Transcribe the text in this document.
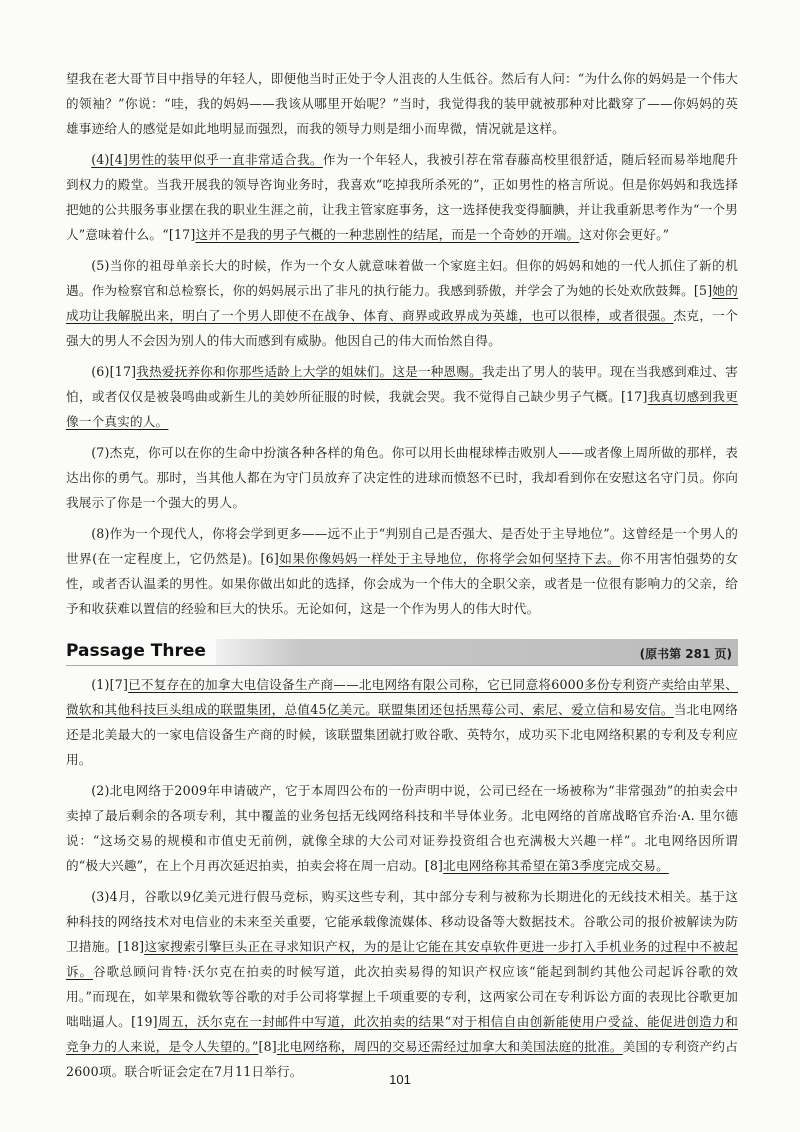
望我在老大哥节目中指导的年轻人，即便他当时正处于令人沮丧的人生低谷。然后有人问：“为什么你的妈妈是一个伟大的领袖？”你说：“哇，我的妈妈——我该从哪里开始呢？”当时，我觉得我的装甲就被那种对比戳穿了——你妈妈的英雄事迹给人的感觉是如此地明显而强烈，而我的领导力则是细小而卑微，情况就是这样。

(4)[4]男性的装甲似乎一直非常适合我。作为一个年轻人，我被引荐在常春藤高校里很舒适，随后轻而易举地爬升到权力的殿堂。当我开展我的领导咨询业务时，我喜欢“吃掉我所杀死的”，正如男性的格言所说。但是你妈妈和我选择把她的公共服务事业摆在我的职业生涯之前，让我主管家庭事务，这一选择使我变得腼腆，并让我重新思考作为“一个男人”意味着什么。“[17]这并不是我的男子气概的一种悲剧性的结尾，而是一个奇妙的开端。这对你会更好。”

(5)当你的祖母单亲长大的时候，作为一个女人就意味着做一个家庭主妇。但你的妈妈和她的一代人抓住了新的机遇。作为检察官和总检察长，你的妈妈展示出了非凡的执行能力。我感到骄傲，并学会了为她的长处欢欣鼓舞。[5]她的成功让我解脱出来，明白了一个男人即使不在战争、体育、商界或政界成为英雄，也可以很棒，或者很强。杰克，一个强大的男人不会因为别人的伟大而感到有威胁。他因自己的伟大而怡然自得。

(6)[17]我热爱抚养你和你那些适龄上大学的姐妹们。这是一种恩赐。我走出了男人的装甲。现在当我感到难过、害怕，或者仅仅是被袅鸣曲或新生儿的美妙所征服的时候，我就会哭。我不觉得自己缺少男子气概。[17]我真切感到我更像一个真实的人。

(7)杰克，你可以在你的生命中扮演各种各样的角色。你可以用长曲棍球棒击败别人——或者像上周所做的那样，表达出你的勇气。那时，当其他人都在为守门员放弃了决定性的进球而愤怒不已时，我却看到你在安慰这名守门员。你向我展示了你是一个强大的男人。

(8)作为一个现代人，你将会学到更多——远不止于“判别自己是否强大、是否处于主导地位”。这曾经是一个男人的世界(在一定程度上，它仍然是)。[6]如果你像妈妈一样处于主导地位，你将学会如何坚持下去。你不用害怕强势的女性，或者否认温柔的男性。如果你做出如此的选择，你会成为一个伟大的全职父亲，或者是一位很有影响力的父亲，给予和收获难以置信的经验和巨大的快乐。无论如何，这是一个作为男人的伟大时代。

Passage Three	(原书第 281 页)

(1)[7]已不复存在的加拿大电信设备生产商——北电网络有限公司称，它已同意将6000多份专利资产卖给由苹果、微软和其他科技巨头组成的联盟集团，总值45亿美元。联盟集团还包括黑莓公司、索尼、爱立信和易安信。当北电网络还是北美最大的一家电信设备生产商的时候，该联盟集团就打败谷歌、英特尔，成功买下北电网络积累的专利及专利应用。

(2)北电网络于2009年申请破产，它于本周四公布的一份声明中说，公司已经在一场被称为“非常强劲”的拍卖会中卖掉了最后剩余的各项专利，其中覆盖的业务包括无线网络科技和半导体业务。北电网络的首席战略官乔治·A. 里尔德说：“这场交易的规模和市值史无前例，就像全球的大公司对证券投资组合也充满极大兴趣一样”。北电网络因所谓的“极大兴趣”，在上个月再次延迟拍卖，拍卖会将在周一启动。[8]北电网络称其希望在第3季度完成交易。

(3)4月，谷歌以9亿美元进行假马竞标，购买这些专利，其中部分专利与被称为长期进化的无线技术相关。基于这种科技的网络技术对电信业的未来至关重要，它能承载像流媒体、移动设备等大数据技术。谷歌公司的报价被解读为防卫措施。[18]这家搜索引擎巨头正在寻求知识产权，为的是让它能在其安卓软件更进一步打入手机业务的过程中不被起诉。谷歌总顾问肯特·沃尔克在拍卖的时候写道，此次拍卖易得的知识产权应该“能起到制约其他公司起诉谷歌的效用。”而现在，如苹果和微软等谷歌的对手公司将掌握上千项重要的专利，这两家公司在专利诉讼方面的表现比谷歌更加咄咄逼人。[19]周五，沃尔克在一封邮件中写道，此次拍卖的结果“对于相信自由创新能使用户受益、能促进创造力和竞争力的人来说，是令人失望的。”[8]北电网络称，周四的交易还需经过加拿大和美国法庭的批准。美国的专利资产约占2600项。联合听证会定在7月11日举行。

101
